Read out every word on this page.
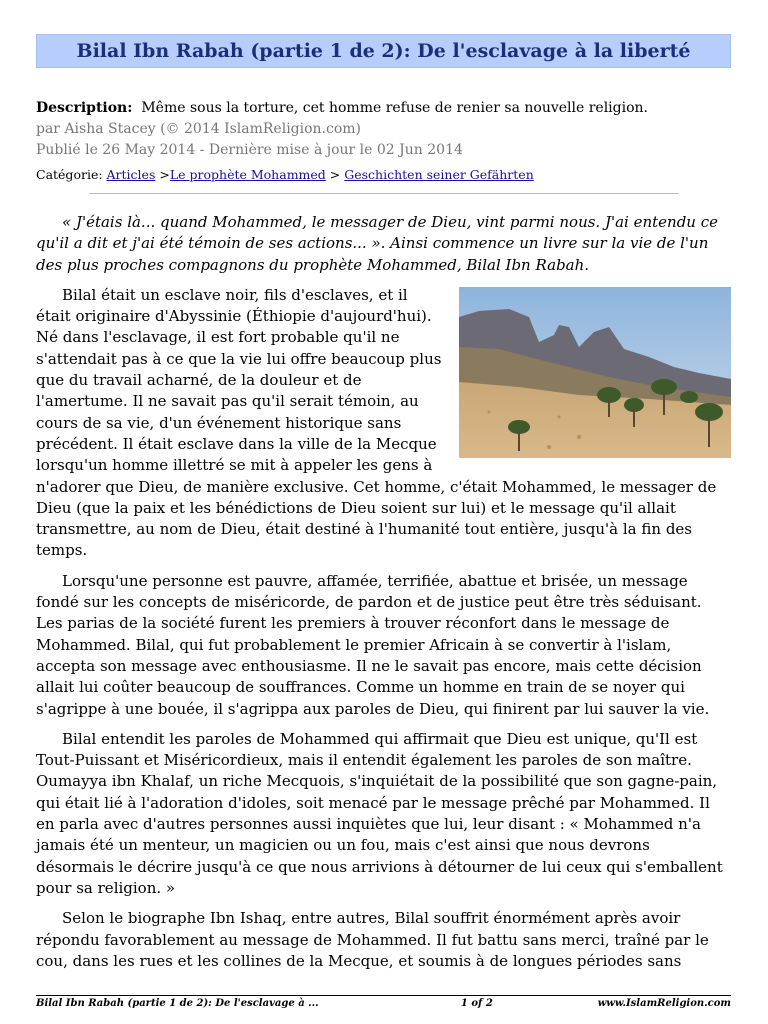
Bilal Ibn Rabah (partie 1 de 2): De l'esclavage à la liberté
Description: Même sous la torture, cet homme refuse de renier sa nouvelle religion.
par Aisha Stacey (© 2014 IslamReligion.com)
Publié le 26 May 2014 - Dernière mise à jour le 02 Jun 2014
Catégorie: Articles >Le prophète Mohammed > Geschichten seiner Gefährten

« J'étais là... quand Mohammed, le messager de Dieu, vint parmi nous. J'ai entendu ce qu'il a dit et j'ai été témoin de ses actions... ». Ainsi commence un livre sur la vie de l'un des plus proches compagnons du prophète Mohammed, Bilal Ibn Rabah.

Bilal était un esclave noir, fils d'esclaves, et il était originaire d'Abyssinie (Éthiopie d'aujourd'hui). Né dans l'esclavage, il est fort probable qu'il ne s'attendait pas à ce que la vie lui offre beaucoup plus que du travail acharné, de la douleur et de l'amertume. Il ne savait pas qu'il serait témoin, au cours de sa vie, d'un événement historique sans précédent. Il était esclave dans la ville de la Mecque lorsqu'un homme illettré se mit à appeler les gens à n'adorer que Dieu, de manière exclusive. Cet homme, c'était Mohammed, le messager de Dieu (que la paix et les bénédictions de Dieu soient sur lui) et le message qu'il allait transmettre, au nom de Dieu, était destiné à l'humanité tout entière, jusqu'à la fin des temps.

Lorsqu'une personne est pauvre, affamée, terrifiée, abattue et brisée, un message fondé sur les concepts de miséricorde, de pardon et de justice peut être très séduisant. Les parias de la société furent les premiers à trouver réconfort dans le message de Mohammed. Bilal, qui fut probablement le premier Africain à se convertir à l'islam, accepta son message avec enthousiasme. Il ne le savait pas encore, mais cette décision allait lui coûter beaucoup de souffrances. Comme un homme en train de se noyer qui s'agrippe à une bouée, il s'agrippa aux paroles de Dieu, qui finirent par lui sauver la vie.

Bilal entendit les paroles de Mohammed qui affirmait que Dieu est unique, qu'Il est Tout-Puissant et Miséricordieux, mais il entendit également les paroles de son maître. Oumayya ibn Khalaf, un riche Mecquois, s'inquiétait de la possibilité que son gagne-pain, qui était lié à l'adoration d'idoles, soit menacé par le message prêché par Mohammed. Il en parla avec d'autres personnes aussi inquiètes que lui, leur disant : « Mohammed n'a jamais été un menteur, un magicien ou un fou, mais c'est ainsi que nous devrons désormais le décrire jusqu'à ce que nous arrivions à détourner de lui ceux qui s'emballent pour sa religion. »

Selon le biographe Ibn Ishaq, entre autres, Bilal souffrit énormément après avoir répondu favorablement au message de Mohammed. Il fut battu sans merci, traîné par le cou, dans les rues et les collines de la Mecque, et soumis à de longues périodes sans

Bilal Ibn Rabah (partie 1 de 2): De l'esclavage à ...	1 of 2	www.IslamReligion.com
